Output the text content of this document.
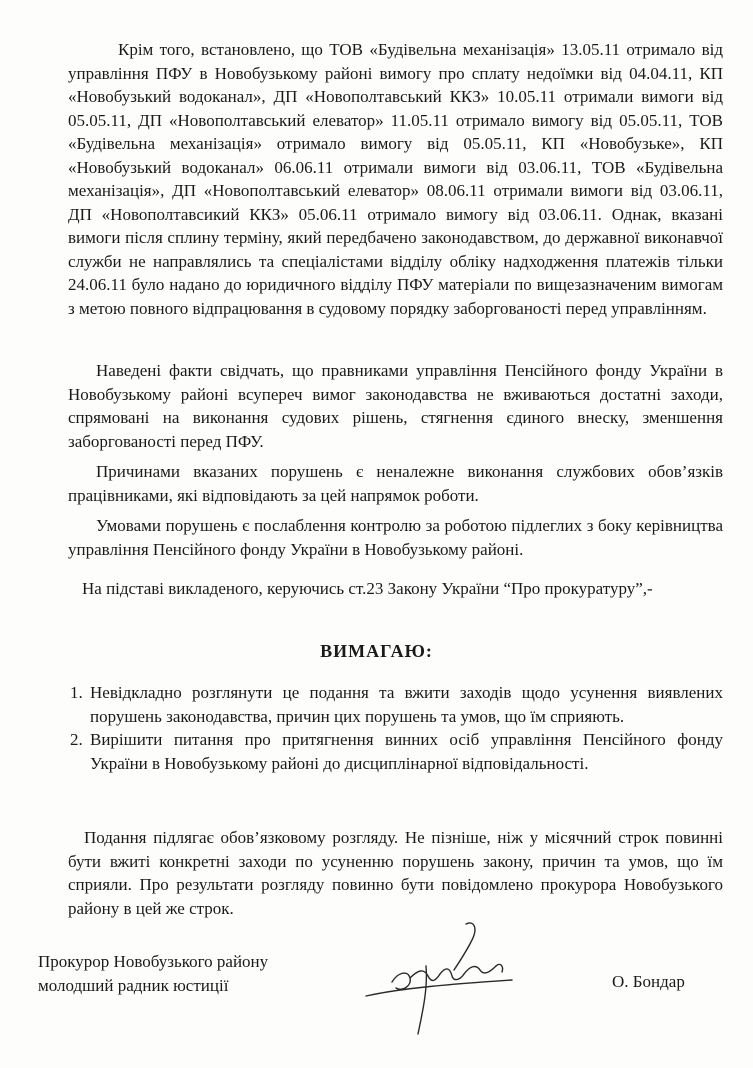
Крім того, встановлено, що ТОВ «Будівельна механізація» 13.05.11 отримало від управління ПФУ в Новобузькому районі вимогу про сплату недоїмки від 04.04.11, КП «Новобузький водоканал», ДП «Новополтавський ККЗ» 10.05.11 отримали вимоги від 05.05.11, ДП «Новополтавський елеватор» 11.05.11 отримало вимогу від 05.05.11, ТОВ «Будівельна механізація» отримало вимогу від 05.05.11, КП «Новобузьке», КП «Новобузький водоканал» 06.06.11 отримали вимоги від 03.06.11, ТОВ «Будівельна механізація», ДП «Новополтавський елеватор» 08.06.11 отримали вимоги від 03.06.11, ДП «Новополтавсикий ККЗ» 05.06.11 отримало вимогу від 03.06.11. Однак, вказані вимоги після сплину терміну, який передбачено законодавством, до державної виконавчої служби не направлялись та спеціалістами відділу обліку надходження платежів тільки 24.06.11 було надано до юридичного відділу ПФУ матеріали по вищезазначеним вимогам з метою повного відпрацювання в судовому порядку заборгованості перед управлінням.

Наведені факти свідчать, що правниками управління Пенсійного фонду України в Новобузькому районі всупереч вимог законодавства не вживаються достатні заходи, спрямовані на виконання судових рішень, стягнення єдиного внеску, зменшення заборгованості перед ПФУ.

Причинами вказаних порушень є неналежне виконання службових обов’язків працівниками, які відповідають за цей напрямок роботи.

Умовами порушень є послаблення контролю за роботою підлеглих з боку керівництва управління Пенсійного фонду України в Новобузькому районі.

На підставі викладеного, керуючись ст.23 Закону України “Про прокуратуру”,-

ВИМАГАЮ:
1. Невідкладно розглянути це подання та вжити заходів щодо усунення виявлених порушень законодавства, причин цих порушень та умов, що їм сприяють.
2. Вирішити питання про притягнення винних осіб управління Пенсійного фонду України в Новобузькому районі до дисциплінарної відповідальності.

Подання підлягає обов’язковому розгляду. Не пізніше, ніж у місячний строк повинні бути вжиті конкретні заходи по усуненню порушень закону, причин та умов, що їм сприяли. Про результати розгляду повинно бути повідомлено прокурора Новобузького району в цей же строк.

Прокурор Новобузького району
молодший радник юстиції	О. Бондар
